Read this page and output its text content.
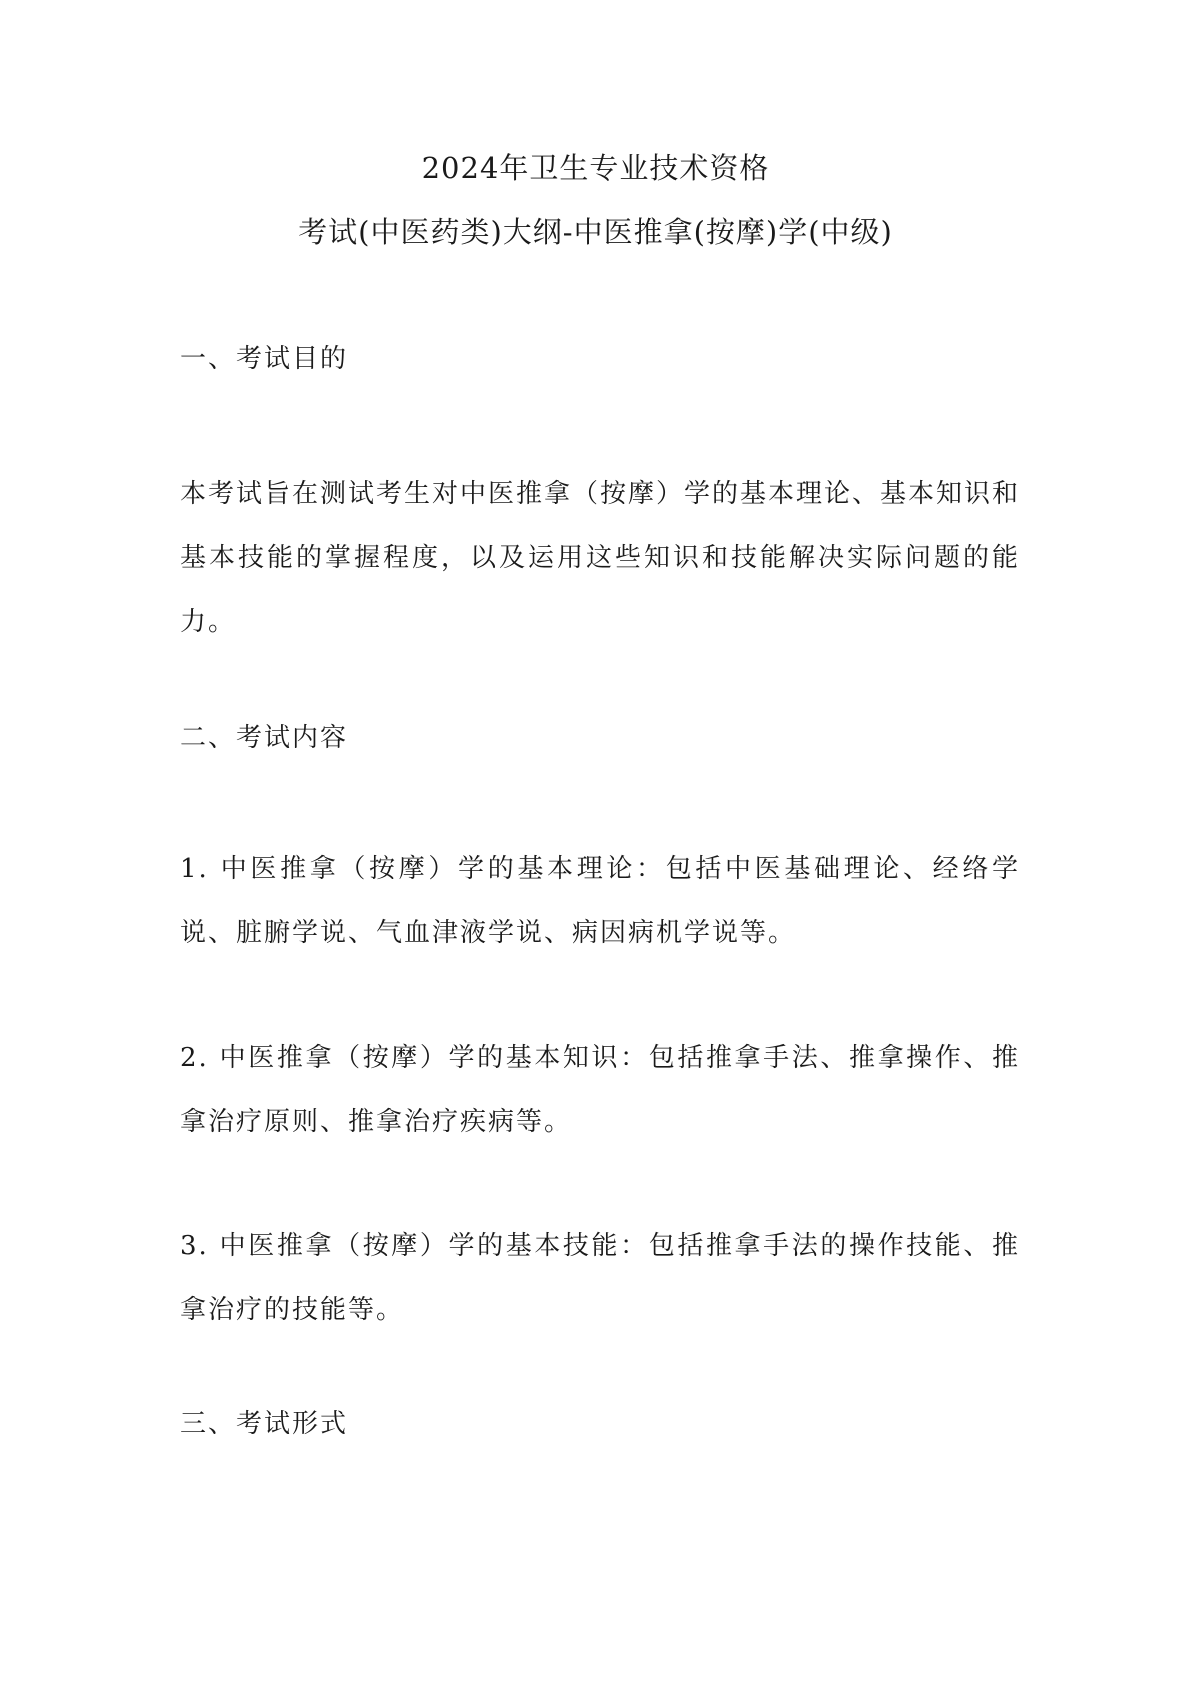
2024年卫生专业技术资格
考试(中医药类)大纲-中医推拿(按摩)学(中级)
一、考试目的
本考试旨在测试考生对中医推拿（按摩）学的基本理论、基本知识和基本技能的掌握程度，以及运用这些知识和技能解决实际问题的能力。
二、考试内容
1. 中医推拿（按摩）学的基本理论：包括中医基础理论、经络学说、脏腑学说、气血津液学说、病因病机学说等。
2. 中医推拿（按摩）学的基本知识：包括推拿手法、推拿操作、推拿治疗原则、推拿治疗疾病等。
3. 中医推拿（按摩）学的基本技能：包括推拿手法的操作技能、推拿治疗的技能等。
三、考试形式
